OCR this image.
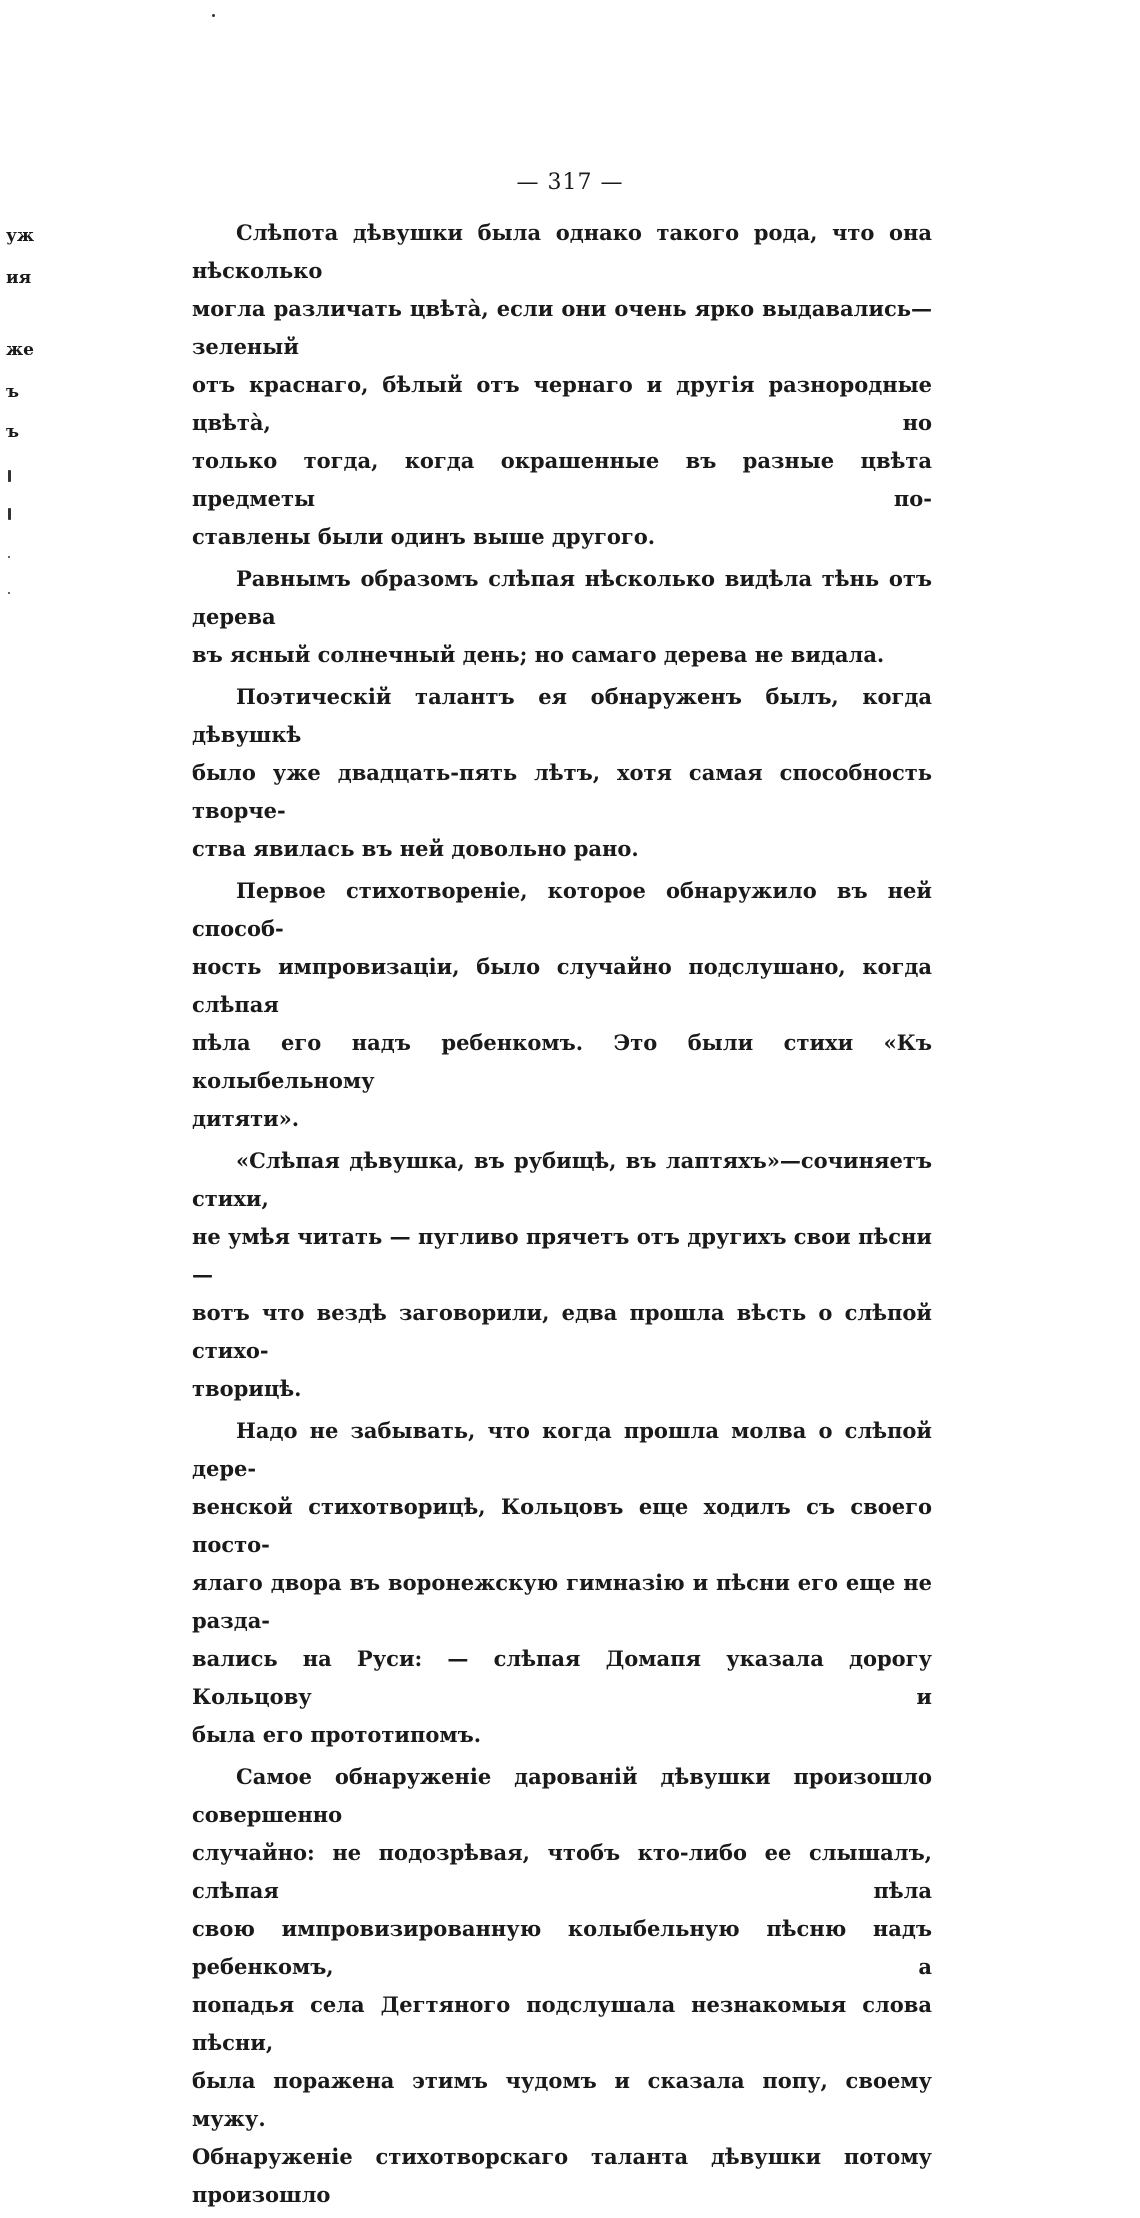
уж
ия
же
ъ
ъ
— 317 —

Слѣпота дѣвушки была однако такого рода, что она нѣсколько
могла различать цвѣтà, если они очень ярко выдавались—зеленый
отъ краснаго, бѣлый отъ чернаго и другія разнородные цвѣтà, но
только тогда, когда окрашенные въ разные цвѣта предметы по-
ставлены были одинъ выше другого.

Равнымъ образомъ слѣпая нѣсколько видѣла тѣнь отъ дерева
въ ясный солнечный день; но самаго дерева не видала.

Поэтическій талантъ ея обнаруженъ былъ, когда дѣвушкѣ
было уже двадцать-пять лѣтъ, хотя самая способность творче-
ства явилась въ ней довольно рано.

Первое стихотвореніе, которое обнаружило въ ней способ-
ность импровизаціи, было случайно подслушано, когда слѣпая
пѣла его надъ ребенкомъ. Это были стихи «Къ колыбельному
дитяти».

«Слѣпая дѣвушка, въ рубищѣ, въ лаптяхъ»—сочиняетъ стихи,
не умѣя читать — пугливо прячетъ отъ другихъ свои пѣсни —
вотъ что вездѣ заговорили, едва прошла вѣсть о слѣпой стихо-
творицѣ.

Надо не забывать, что когда прошла молва о слѣпой дере-
венской стихотворицѣ, Кольцовъ еще ходилъ съ своего посто-
ялаго двора въ воронежскую гимназію и пѣсни его еще не разда-
вались на Руси: — слѣпая Домапя указала дорогу Кольцову и
была его прототипомъ.

Самое обнаруженіе дарованій дѣвушки произошло совершенно
случайно: не подозрѣвая, чтобъ кто-либо ее слышалъ, слѣпая пѣла
свою импровизированную колыбельную пѣсню надъ ребенкомъ, а
попадья села Дегтяного подслушала незнакомыя слова пѣсни,
была поражена этимъ чудомъ и сказала попу, своему мужу.
Обнаруженіе стихотворскаго таланта дѣвушки потому произошло
